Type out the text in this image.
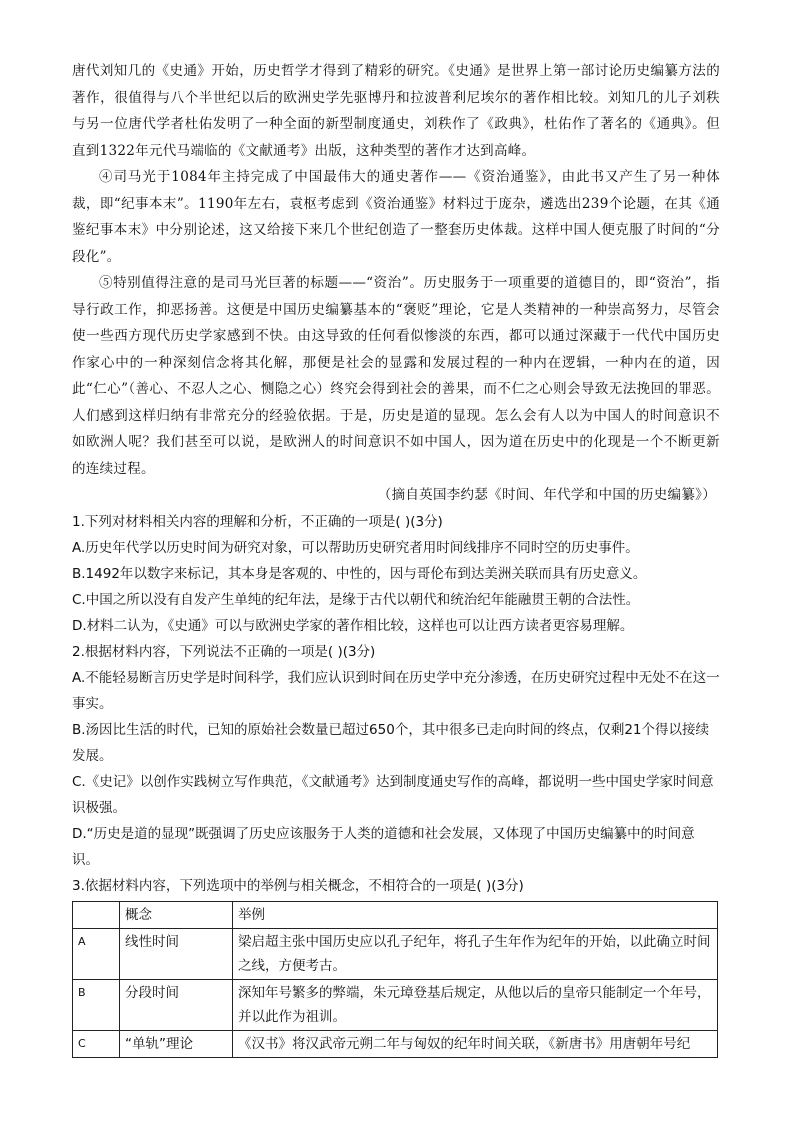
唐代刘知几的《史通》开始，历史哲学才得到了精彩的研究。《史通》是世界上第一部讨论历史编纂方法的著作，很值得与八个半世纪以后的欧洲史学先驱博丹和拉波普利尼埃尔的著作相比较。刘知几的儿子刘秩与另一位唐代学者杜佑发明了一种全面的新型制度通史，刘秩作了《政典》，杜佑作了著名的《通典》。但直到1322年元代马端临的《文献通考》出版，这种类型的著作才达到高峰。

④司马光于1084年主持完成了中国最伟大的通史著作——《资治通鉴》，由此书又产生了另一种体裁，即“纪事本末”。1190年左右，袁枢考虑到《资治通鉴》材料过于庞杂，遴选出239个论题，在其《通鉴纪事本末》中分别论述，这又给接下来几个世纪创造了一整套历史体裁。这样中国人便克服了时间的“分段化”。

⑤特别值得注意的是司马光巨著的标题——“资治”。历史服务于一项重要的道德目的，即“资治”，指导行政工作，抑恶扬善。这便是中国历史编纂基本的“褒贬”理论，它是人类精神的一种崇高努力，尽管会使一些西方现代历史学家感到不快。由这导致的任何看似惨淡的东西，都可以通过深藏于一代代中国历史作家心中的一种深刻信念将其化解，那便是社会的显露和发展过程的一种内在逻辑，一种内在的道，因此“仁心”（善心、不忍人之心、恻隐之心）终究会得到社会的善果，而不仁之心则会导致无法挽回的罪恶。人们感到这样归纳有非常充分的经验依据。于是，历史是道的显现。怎么会有人以为中国人的时间意识不如欧洲人呢？我们甚至可以说，是欧洲人的时间意识不如中国人，因为道在历史中的化现是一个不断更新的连续过程。

（摘自英国李约瑟《时间、年代学和中国的历史编纂》）

1.下列对材料相关内容的理解和分析，不正确的一项是( )(3分)

A.历史年代学以历史时间为研究对象，可以帮助历史研究者用时间线排序不同时空的历史事件。

B.1492年以数字来标记，其本身是客观的、中性的，因与哥伦布到达美洲关联而具有历史意义。

C.中国之所以没有自发产生单纯的纪年法，是缘于古代以朝代和统治纪年能融贯王朝的合法性。

D.材料二认为，《史通》可以与欧洲史学家的著作相比较，这样也可以让西方读者更容易理解。

2.根据材料内容，下列说法不正确的一项是( )(3分)

A.不能轻易断言历史学是时间科学，我们应认识到时间在历史学中充分渗透，在历史研究过程中无处不在这一事实。

B.汤因比生活的时代，已知的原始社会数量已超过650个，其中很多已走向时间的终点，仅剩21个得以接续发展。

C.《史记》以创作实践树立写作典范，《文献通考》达到制度通史写作的高峰，都说明一些中国史学家时间意识极强。

D.“历史是道的显现”既强调了历史应该服务于人类的道德和社会发展，又体现了中国历史编纂中的时间意识。

3.依据材料内容，下列选项中的举例与相关概念，不相符合的一项是( )(3分)

	概念	举例
A	线性时间	梁启超主张中国历史应以孔子纪年，将孔子生年作为纪年的开始，以此确立时间之线，方便考古。
B	分段时间	深知年号繁多的弊端，朱元璋登基后规定，从他以后的皇帝只能制定一个年号，并以此作为祖训。
C	“单轨”理论	《汉书》将汉武帝元朔二年与匈奴的纪年时间关联，《新唐书》用唐朝年号纪
